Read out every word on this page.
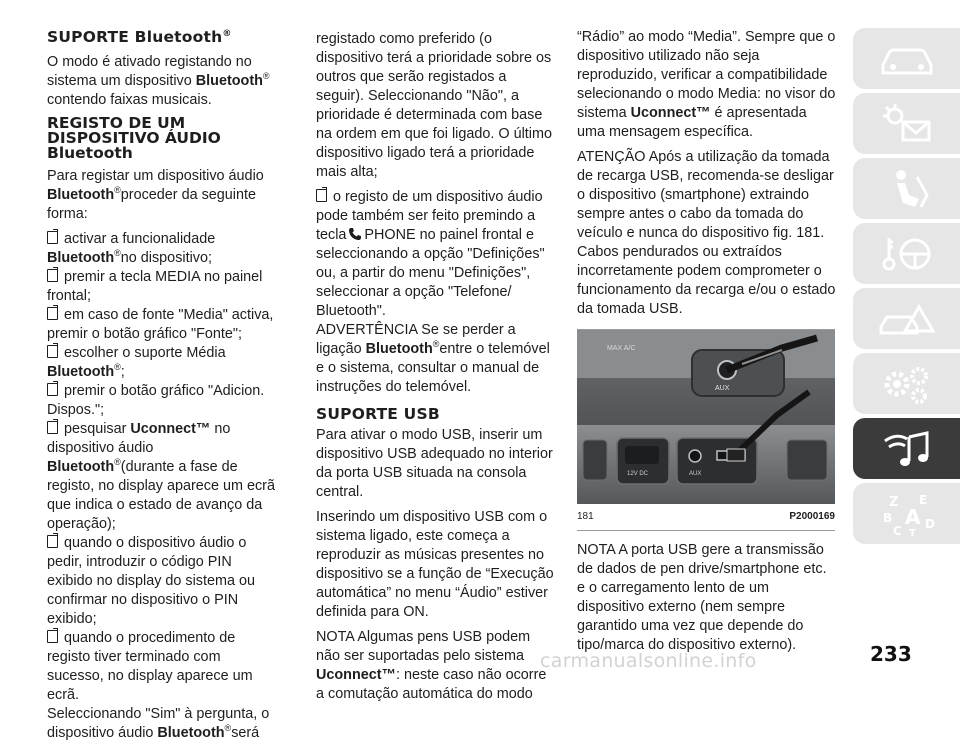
SUPORTE Bluetooth®

O modo é ativado registando no sistema um dispositivo Bluetooth®
contendo faixas musicais.

REGISTO DE UM DISPOSITIVO ÁUDIO Bluetooth

Para registar um dispositivo áudio Bluetooth®proceder da seguinte forma:

activar a funcionalidade Bluetooth®no dispositivo;

premir a tecla MEDIA no painel frontal;

em caso de fonte "Media" activa, premir o botão gráfico "Fonte";

escolher o suporte Média Bluetooth®;

premir o botão gráfico "Adicion. Dispos.";

pesquisar Uconnect™ no dispositivo áudio Bluetooth®(durante a fase de registo, no display aparece um ecrã que indica o estado de avanço da operação);

quando o dispositivo áudio o pedir, introduzir o código PIN exibido no display do sistema ou confirmar no dispositivo o PIN exibido;

quando o procedimento de registo tiver terminado com sucesso, no display aparece um ecrã.

Seleccionando "Sim" à pergunta, o dispositivo áudio Bluetooth®será

registado como preferido (o dispositivo terá a prioridade sobre os outros que serão registados a seguir). Seleccionando "Não", a prioridade é determinada com base na ordem em que foi ligado. O último dispositivo ligado terá a prioridade mais alta;

o registo de um dispositivo áudio pode também ser feito premindo a tecla PHONE no painel frontal e seleccionando a opção "Definições" ou, a partir do menu "Definições", seleccionar a opção "Telefone/ Bluetooth".

ADVERTÊNCIA Se se perder a ligação Bluetooth®entre o telemóvel e o sistema, consultar o manual de instruções do telemóvel.

SUPORTE USB

Para ativar o modo USB, inserir um dispositivo USB adequado no interior da porta USB situada na consola central.

Inserindo um dispositivo USB com o sistema ligado, este começa a reproduzir as músicas presentes no dispositivo se a função de “Execução automática” no menu “Áudio” estiver definida para ON.

NOTA Algumas pens USB podem não ser suportadas pelo sistema Uconnect™: neste caso não ocorre a comutação automática do modo

“Rádio” ao modo “Media”. Sempre que o dispositivo utilizado não seja reproduzido, verificar a compatibilidade selecionando o modo Media: no visor do sistema Uconnect™ é apresentada uma mensagem específica.

ATENÇÃO Após a utilização da tomada de recarga USB, recomenda-se desligar o dispositivo (smartphone) extraindo sempre antes o cabo da tomada do veículo e nunca do dispositivo fig. 181. Cabos pendurados ou extraídos incorretamente podem comprometer o funcionamento da recarga e/ou o estado da tomada USB.

MAX A/C
AUX
12V DC	AUX
181	P2000169

NOTA A porta USB gere a transmissão de dados de pen drive/smartphone etc. e o carregamento lento de um dispositivo externo (nem sempre garantido uma vez que depende do tipo/marca do dispositivo externo).

Z E
B A
C T
D
carmanualsonline.info	233
